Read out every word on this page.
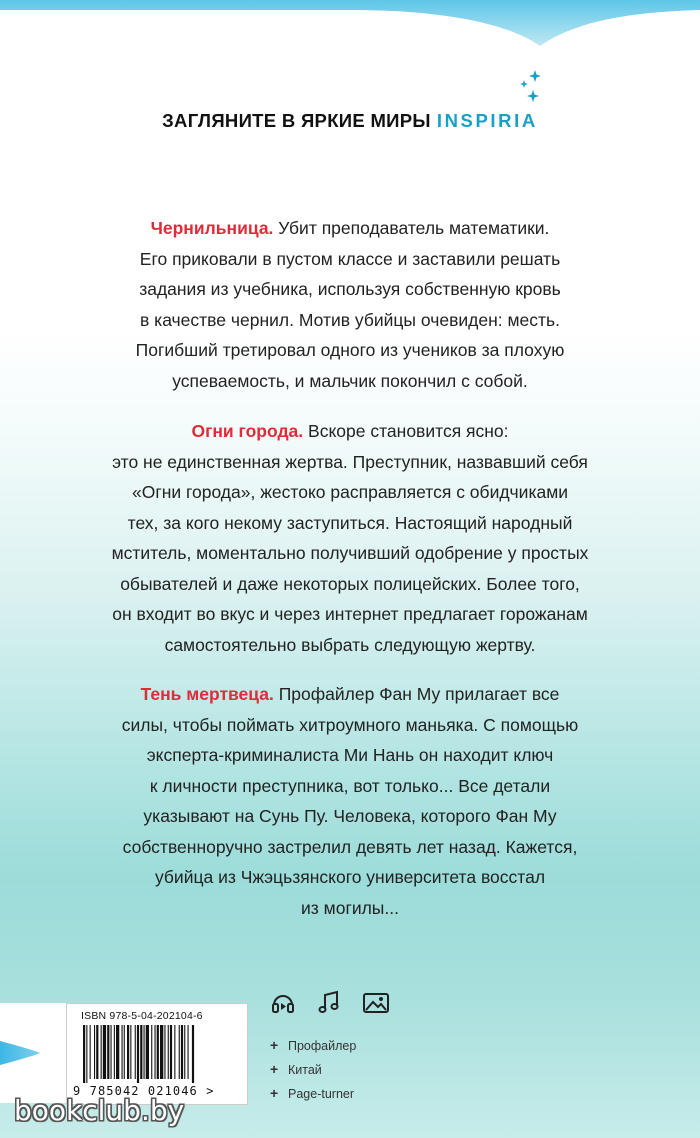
ЗАГЛЯНИТЕ В ЯРКИЕ МИРЫ INSPIRIA
Чернильница. Убит преподаватель математики.
Его приковали в пустом классе и заставили решать
задания из учебника, используя собственную кровь
в качестве чернил. Мотив убийцы очевиден: месть.
Погибший третировал одного из учеников за плохую
успеваемость, и мальчик покончил с собой.
Огни города. Вскоре становится ясно:
это не единственная жертва. Преступник, назвавший себя
«Огни города», жестоко расправляется с обидчиками
тех, за кого некому заступиться. Настоящий народный
мститель, моментально получивший одобрение у простых
обывателей и даже некоторых полицейских. Более того,
он входит во вкус и через интернет предлагает горожанам
самостоятельно выбрать следующую жертву.
Тень мертвеца. Профайлер Фан Му прилагает все
силы, чтобы поймать хитроумного маньяка. С помощью
эксперта-криминалиста Ми Нань он находит ключ
к личности преступника, вот только... Все детали
указывают на Сунь Пу. Человека, которого Фан Му
собственноручно застрелил девять лет назад. Кажется,
убийца из Чжэцьзянского университета восстал
из могилы...
ISBN 978-5-04-202104-6
9 785042 021046 >
+ Профайлер
+ Китай
+ Page-turner
bookclub.by
